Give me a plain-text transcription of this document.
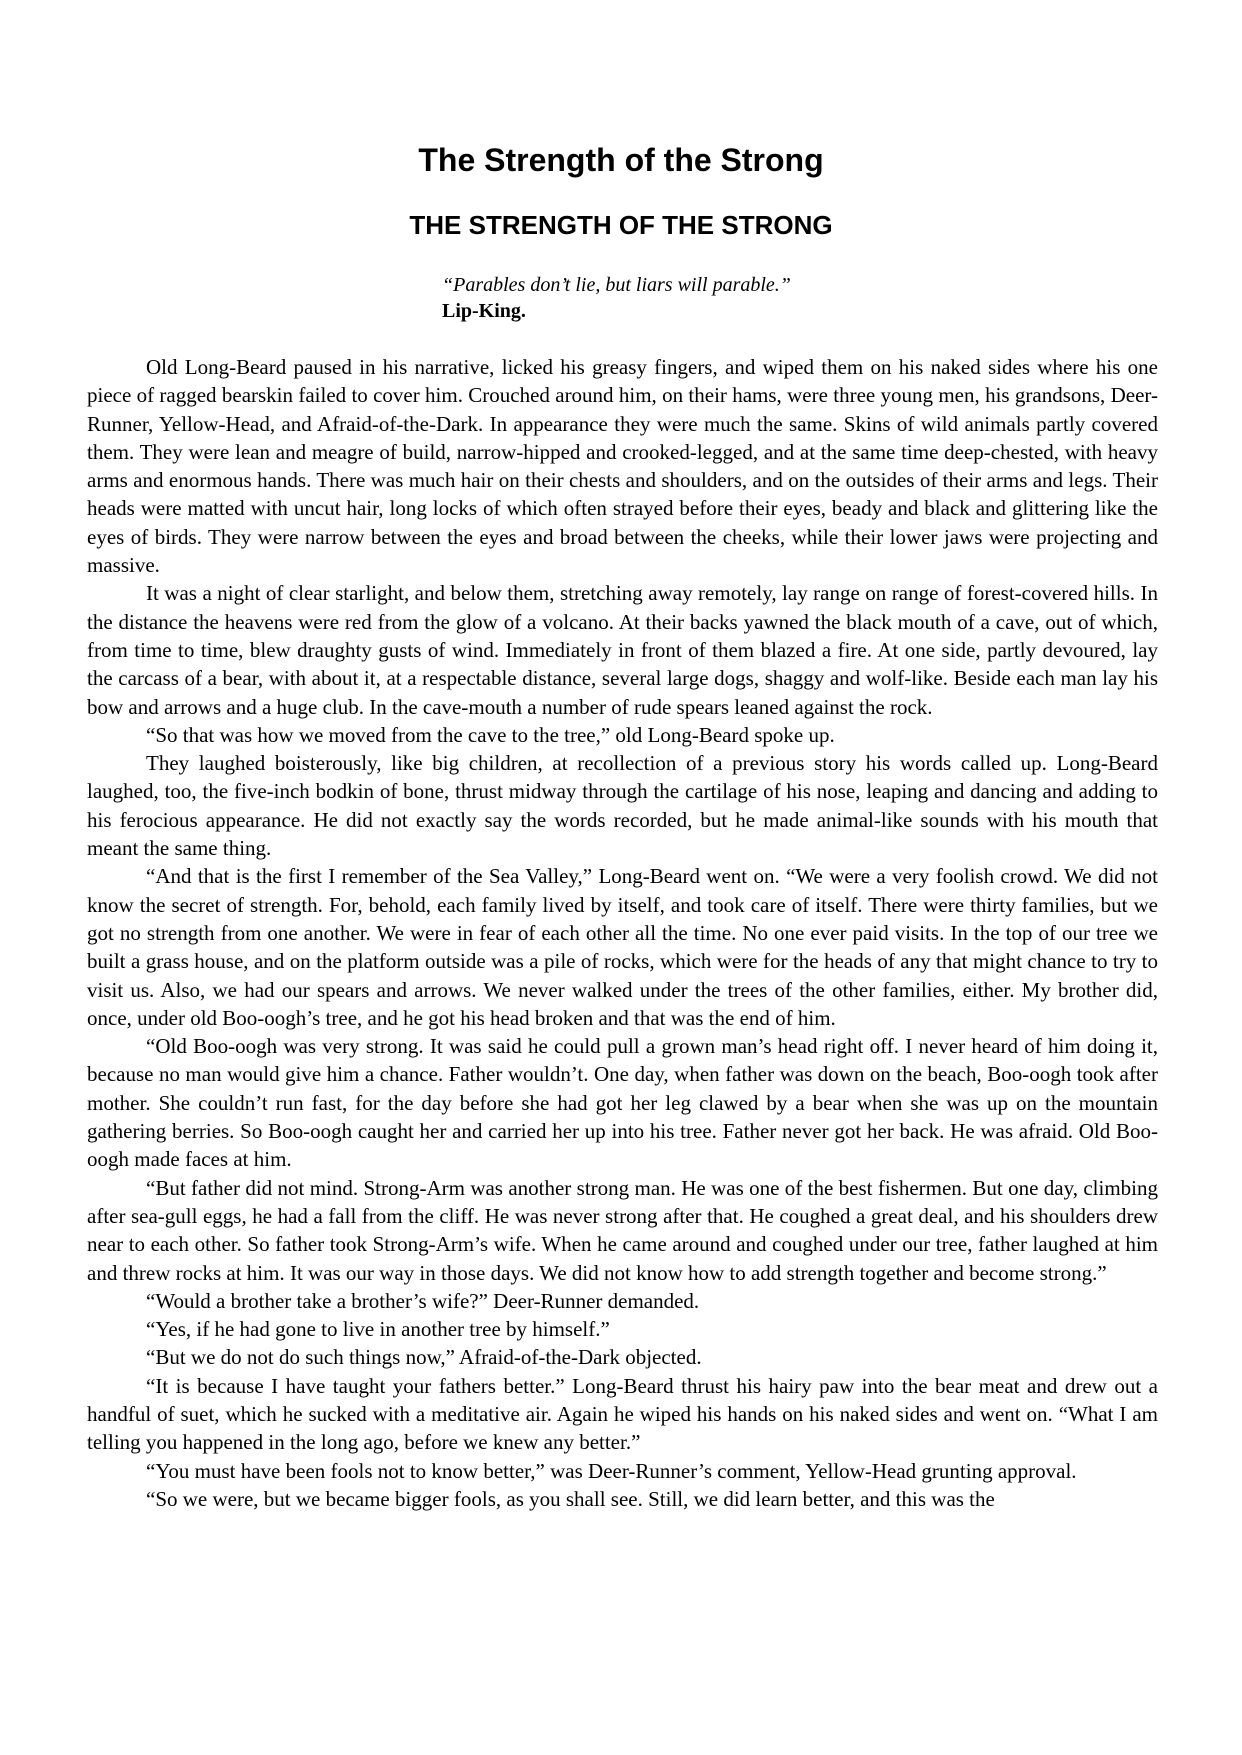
The Strength of the Strong
THE STRENGTH OF THE STRONG
“Parables don’t lie, but liars will parable.”
Lip-King.

Old Long-Beard paused in his narrative, licked his greasy fingers, and wiped them on his naked sides where his one piece of ragged bearskin failed to cover him. Crouched around him, on their hams, were three young men, his grandsons, Deer-Runner, Yellow-Head, and Afraid-of-the-Dark. In appearance they were much the same. Skins of wild animals partly covered them. They were lean and meagre of build, narrow-hipped and crooked-legged, and at the same time deep-chested, with heavy arms and enormous hands. There was much hair on their chests and shoulders, and on the outsides of their arms and legs. Their heads were matted with uncut hair, long locks of which often strayed before their eyes, beady and black and glittering like the eyes of birds. They were narrow between the eyes and broad between the cheeks, while their lower jaws were projecting and massive.

It was a night of clear starlight, and below them, stretching away remotely, lay range on range of forest-covered hills. In the distance the heavens were red from the glow of a volcano. At their backs yawned the black mouth of a cave, out of which, from time to time, blew draughty gusts of wind. Immediately in front of them blazed a fire. At one side, partly devoured, lay the carcass of a bear, with about it, at a respectable distance, several large dogs, shaggy and wolf-like. Beside each man lay his bow and arrows and a huge club. In the cave-mouth a number of rude spears leaned against the rock.

“So that was how we moved from the cave to the tree,” old Long-Beard spoke up.

They laughed boisterously, like big children, at recollection of a previous story his words called up. Long-Beard laughed, too, the five-inch bodkin of bone, thrust midway through the cartilage of his nose, leaping and dancing and adding to his ferocious appearance. He did not exactly say the words recorded, but he made animal-like sounds with his mouth that meant the same thing.

“And that is the first I remember of the Sea Valley,” Long-Beard went on. “We were a very foolish crowd. We did not know the secret of strength. For, behold, each family lived by itself, and took care of itself. There were thirty families, but we got no strength from one another. We were in fear of each other all the time. No one ever paid visits. In the top of our tree we built a grass house, and on the platform outside was a pile of rocks, which were for the heads of any that might chance to try to visit us. Also, we had our spears and arrows. We never walked under the trees of the other families, either. My brother did, once, under old Boo-oogh’s tree, and he got his head broken and that was the end of him.

“Old Boo-oogh was very strong. It was said he could pull a grown man’s head right off. I never heard of him doing it, because no man would give him a chance. Father wouldn’t. One day, when father was down on the beach, Boo-oogh took after mother. She couldn’t run fast, for the day before she had got her leg clawed by a bear when she was up on the mountain gathering berries. So Boo-oogh caught her and carried her up into his tree. Father never got her back. He was afraid. Old Boo-oogh made faces at him.

“But father did not mind. Strong-Arm was another strong man. He was one of the best fishermen. But one day, climbing after sea-gull eggs, he had a fall from the cliff. He was never strong after that. He coughed a great deal, and his shoulders drew near to each other. So father took Strong-Arm’s wife. When he came around and coughed under our tree, father laughed at him and threw rocks at him. It was our way in those days. We did not know how to add strength together and become strong.”

“Would a brother take a brother’s wife?” Deer-Runner demanded.

“Yes, if he had gone to live in another tree by himself.”

“But we do not do such things now,” Afraid-of-the-Dark objected.

“It is because I have taught your fathers better.” Long-Beard thrust his hairy paw into the bear meat and drew out a handful of suet, which he sucked with a meditative air. Again he wiped his hands on his naked sides and went on. “What I am telling you happened in the long ago, before we knew any better.”

“You must have been fools not to know better,” was Deer-Runner’s comment, Yellow-Head grunting approval.

“So we were, but we became bigger fools, as you shall see. Still, we did learn better, and this was the
